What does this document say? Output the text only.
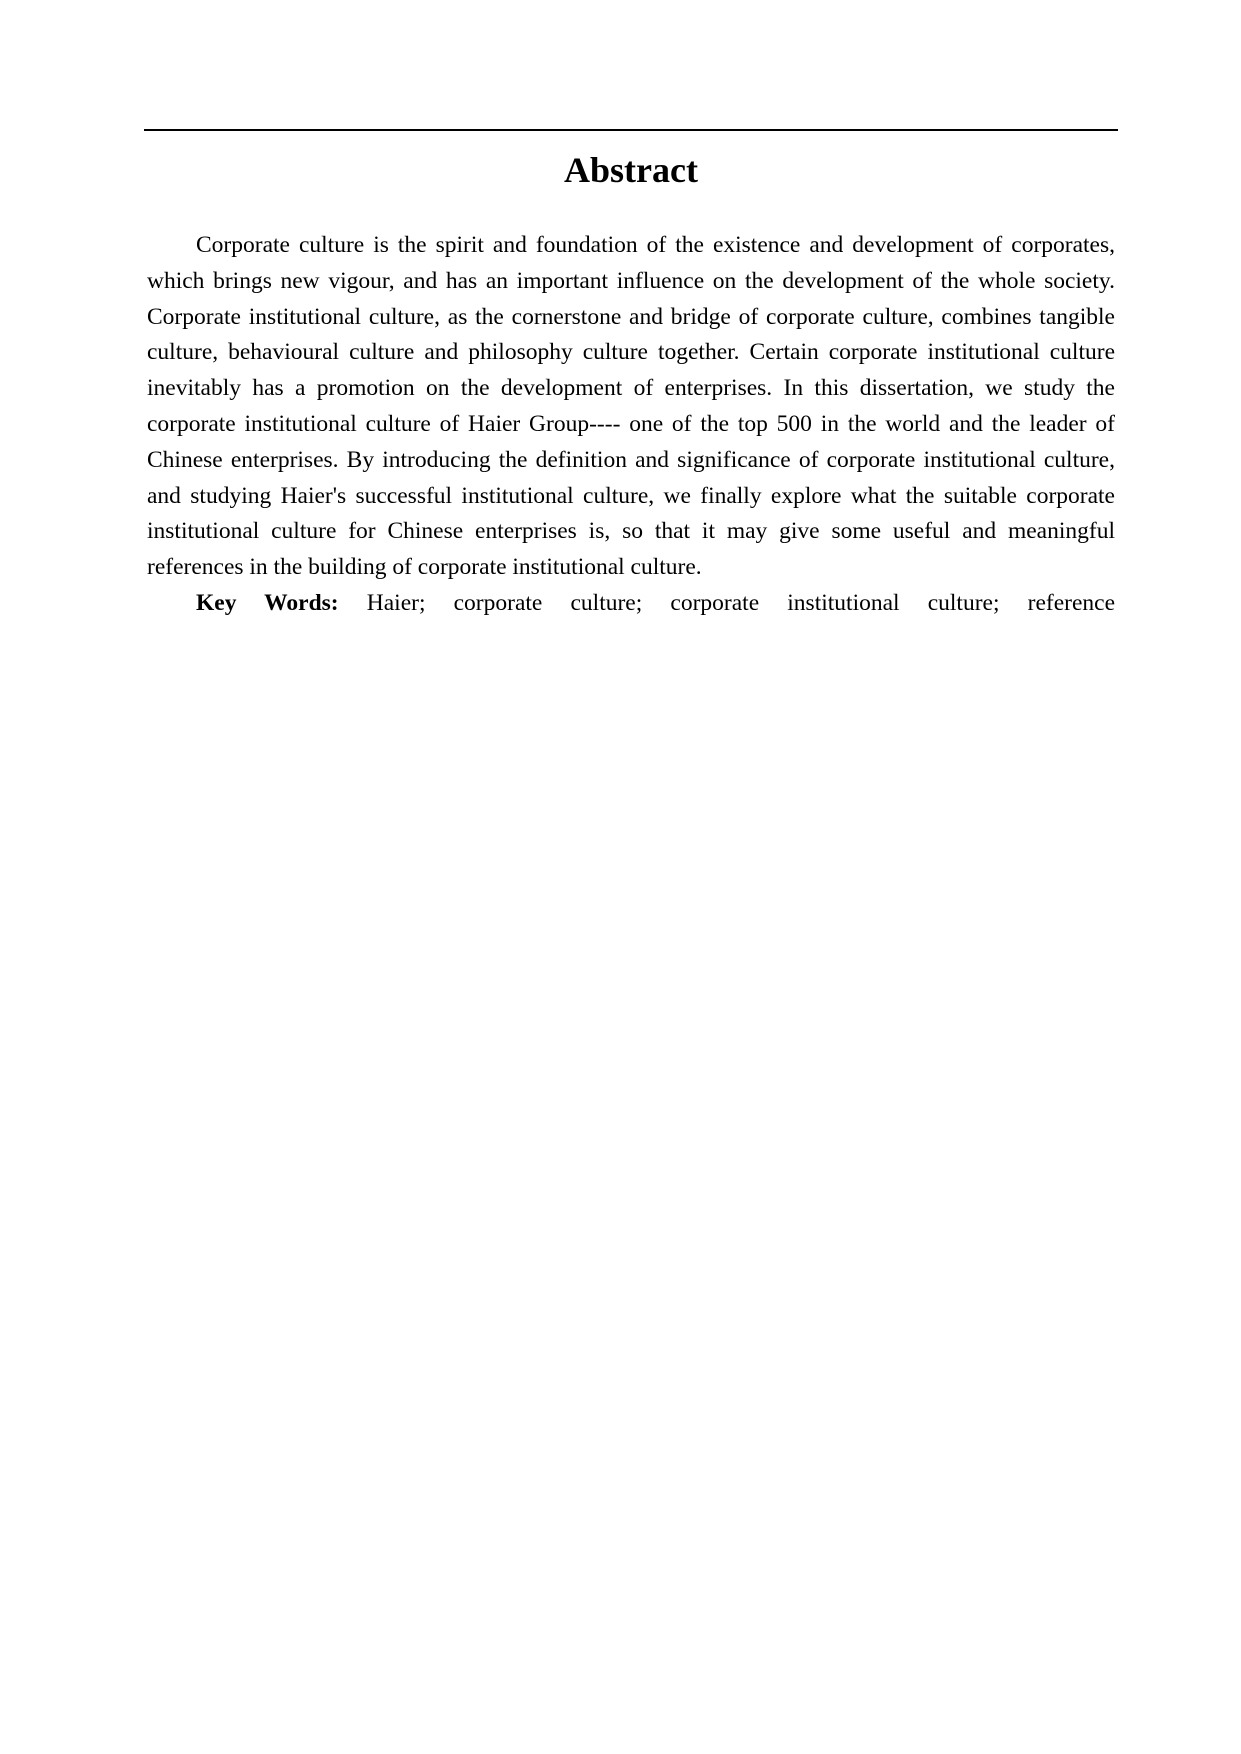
Abstract

Corporate culture is the spirit and foundation of the existence and development of corporates, which brings new vigour, and has an important influence on the development of the whole society. Corporate institutional culture, as the cornerstone and bridge of corporate culture, combines tangible culture, behavioural culture and philosophy culture together. Certain corporate institutional culture inevitably has a promotion on the development of enterprises. In this dissertation, we study the corporate institutional culture of Haier Group---- one of the top 500 in the world and the leader of Chinese enterprises. By introducing the definition and significance of corporate institutional culture, and studying Haier's successful institutional culture, we finally explore what the suitable corporate institutional culture for Chinese enterprises is, so that it may give some useful and meaningful references in the building of corporate institutional culture.

Key Words: Haier; corporate culture; corporate institutional culture; reference
